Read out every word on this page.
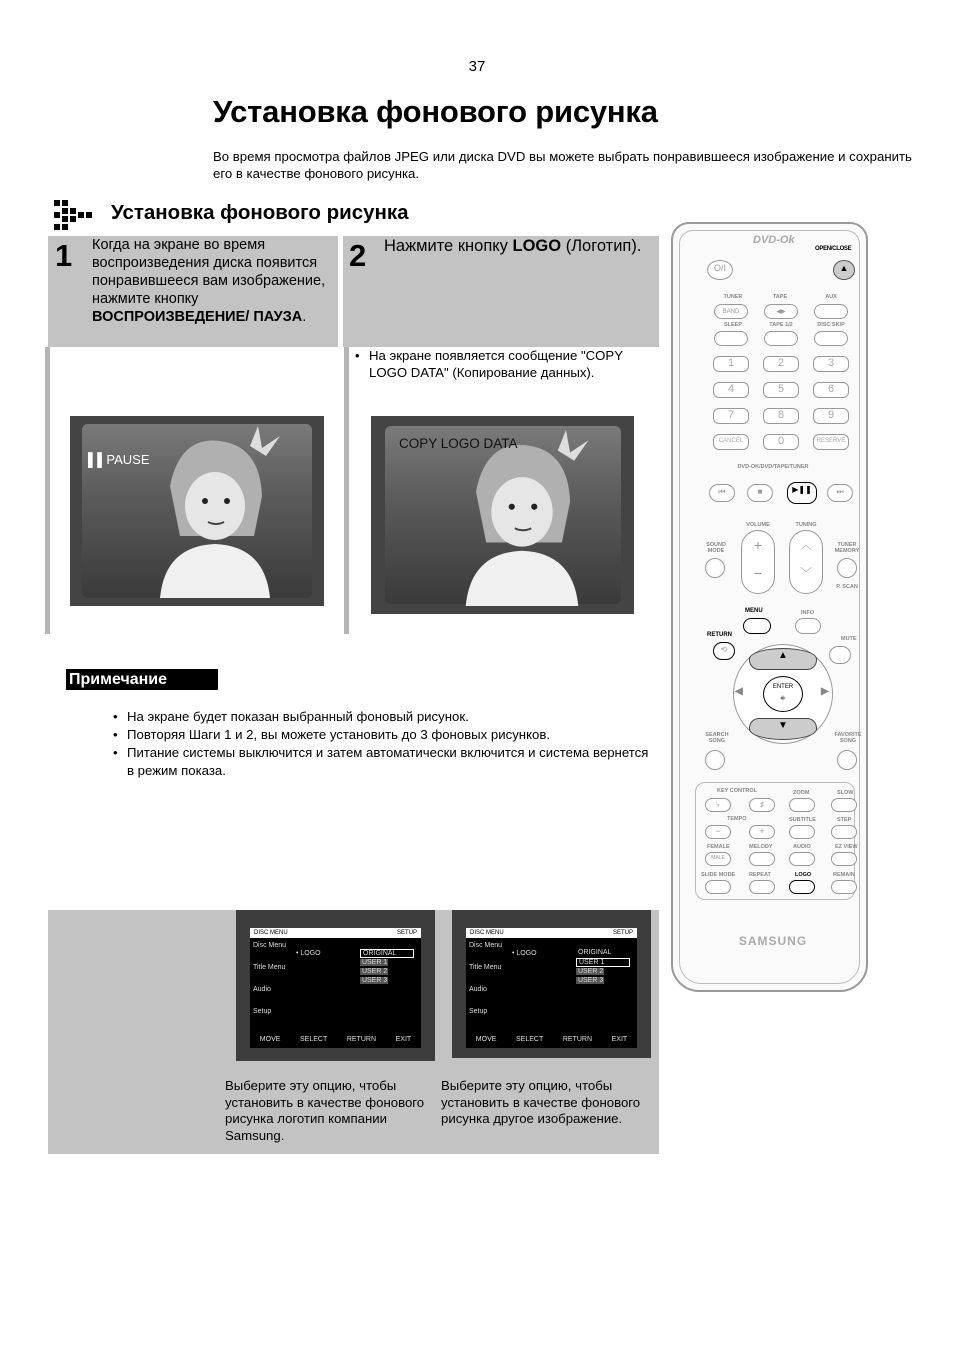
37
Установка фонового рисунка
Во время просмотра файлов JPEG или диска DVD вы можете выбрать понравившееся изображение и сохранить его в качестве фонового рисунка.
Установка фонового рисунка
1 Когда на экране во время воспроизведения диска появится понравившееся вам изображение, нажмите кнопку ВОСПРОИЗВЕДЕНИЕ/ ПАУЗА.
▌▌PAUSE
2 Нажмите кнопку LOGO (Логотип).
• На экране появляется сообщение "COPY LOGO DATA" (Копирование данных).
COPY LOGO DATA
Примечание
• На экране будет показан выбранный фоновый рисунок.
• Повторяя Шаги 1 и 2, вы можете установить до 3 фоновых рисунков.
• Питание системы выключится и затем автоматически включится и система вернется в режим показа.
DISC MENU	SETUP
Disc Menu
Title Menu
Audio
Setup
• LOGO	ORIGINAL
USER 1
USER 2
USER 3
MOVE	SELECT	RETURN	EXIT
DISC MENU	SETUP
Disc Menu
Title Menu
Audio
Setup
• LOGO	ORIGINAL
USER 1
USER 2
USER 3
MOVE	SELECT	RETURN	EXIT
Выберите эту опцию, чтобы установить в качестве фонового рисунка логотип компании Samsung.
Выберите эту опцию, чтобы установить в качестве фонового рисунка другое изображение.
DVD-Ok
OPEN/CLOSE
▲
O/I
TUNER	TAPE	AUX
BAND	◀▶
SLEEP	TAPE 1/2	DISC SKIP
1	2	3
4	5	6
7	8	9
CANCEL	0	RESERVE
DVD-OK/DVD/TAPE/TUNER
⏮	■	▶❚❚	⏭
VOLUME	TUNING
+
−
︿
﹀
SOUND MODE
TUNER MEMORY
P. SCAN
MENU	INFO
RETURN
⟲
MUTE
▲
▼
◀	▶
ENTER
⎆
SEARCH SONG
FAVORITE SONG
KEY CONTROL
♭	♯
ZOOM	SLOW
TEMPO
−	+
SUBTITLE	STEP
FEMALE
MALE
MELODY	AUDIO	EZ VIEW
SLIDE MODE	REPEAT	LOGO	REMAIN
SAMSUNG
